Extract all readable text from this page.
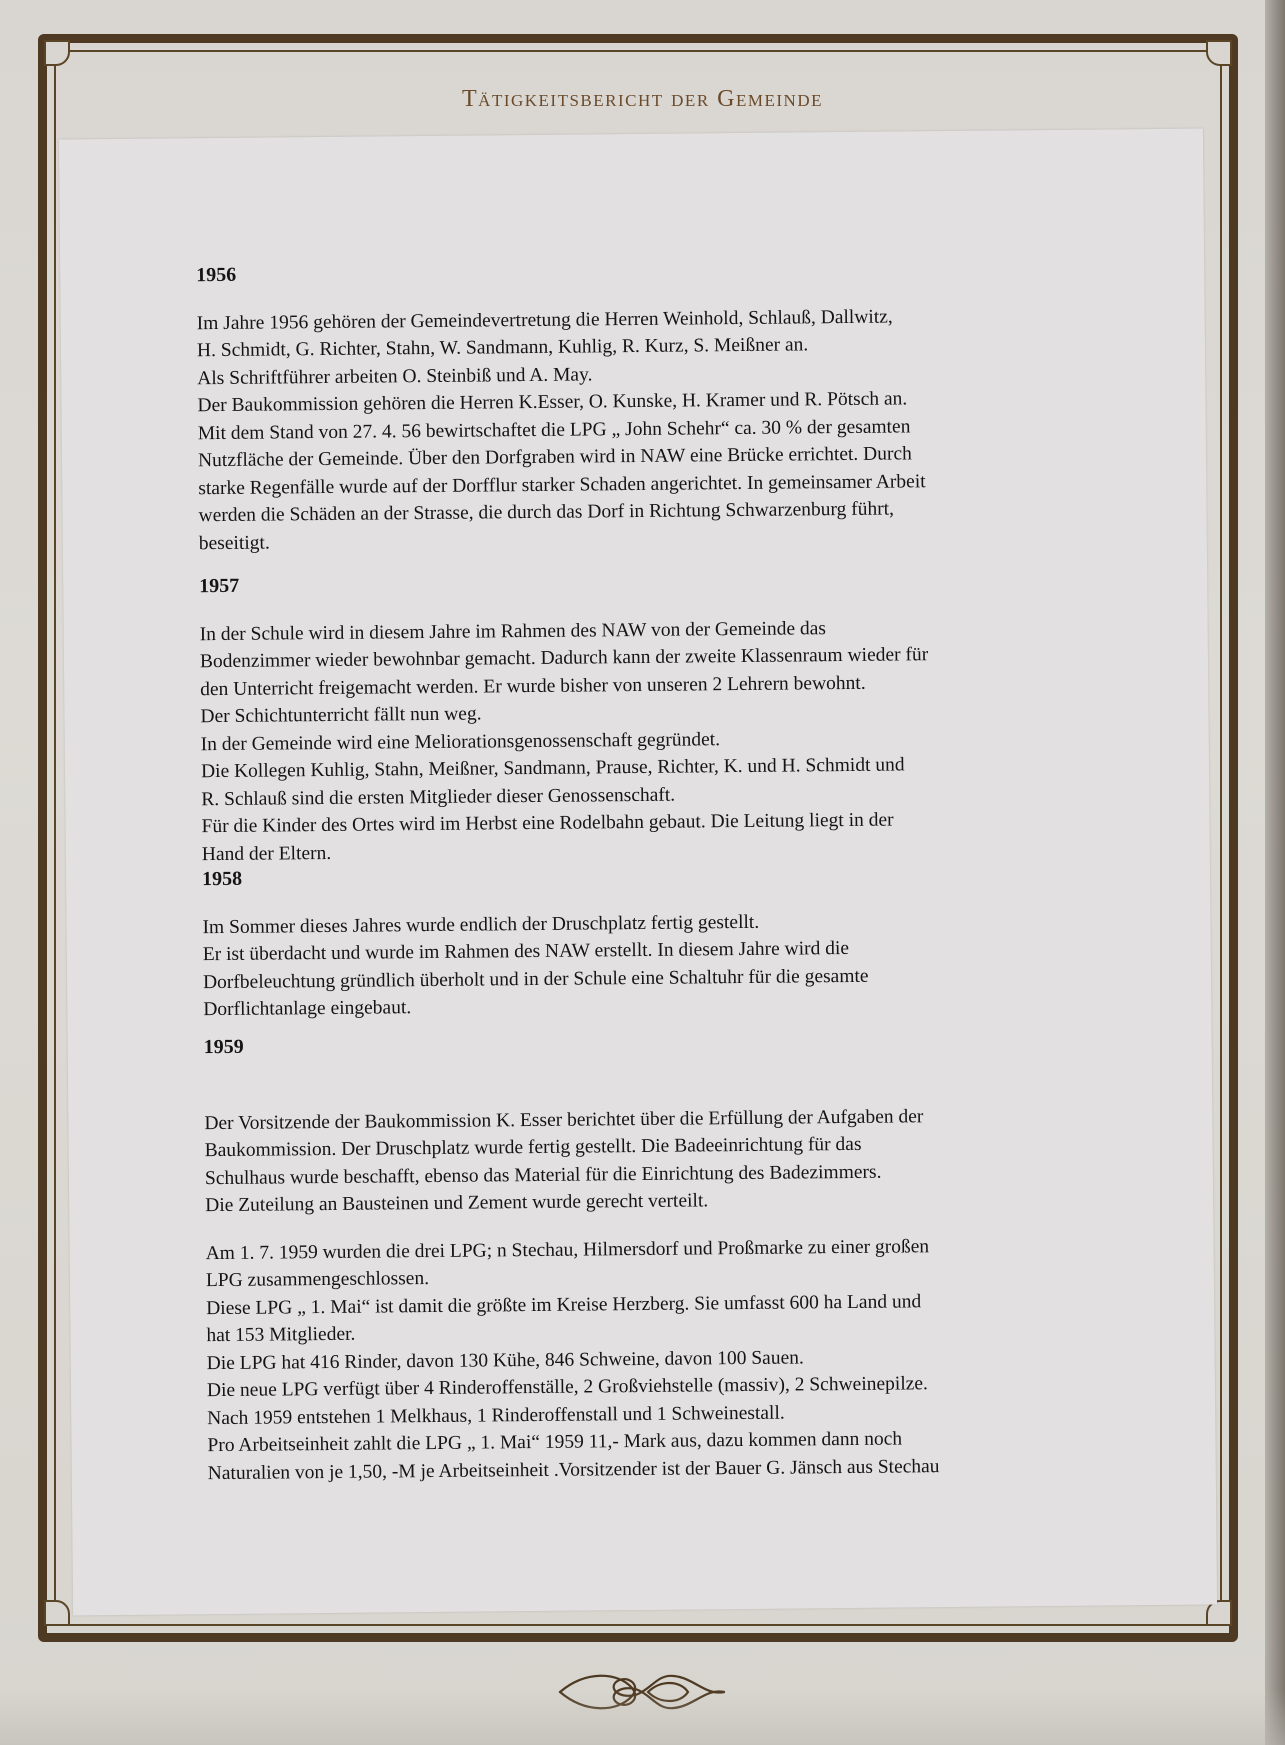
Tätigkeitsbericht der Gemeinde

1956

Im Jahre 1956 gehören der Gemeindevertretung die Herren Weinhold, Schlauß, Dallwitz,
H. Schmidt, G. Richter, Stahn, W. Sandmann, Kuhlig, R. Kurz, S. Meißner an.
Als Schriftführer arbeiten O. Steinbiß und A. May.
Der Baukommission gehören die Herren K.Esser, O. Kunske, H. Kramer und R. Pötsch an.
Mit dem Stand von 27. 4. 56 bewirtschaftet die LPG „ John Schehr“ ca. 30 % der gesamten
Nutzfläche der Gemeinde. Über den Dorfgraben wird in NAW eine Brücke errichtet. Durch
starke Regenfälle wurde auf der Dorfflur starker Schaden angerichtet. In gemeinsamer Arbeit
werden die Schäden an der Strasse, die durch das Dorf in Richtung Schwarzenburg führt,
beseitigt.

1957

In der Schule wird in diesem Jahre im Rahmen des NAW von der Gemeinde das
Bodenzimmer wieder bewohnbar gemacht. Dadurch kann der zweite Klassenraum wieder für
den Unterricht freigemacht werden. Er wurde bisher von unseren 2 Lehrern bewohnt.
Der Schichtunterricht fällt nun weg.
In der Gemeinde wird eine Meliorationsgenossenschaft gegründet.
Die Kollegen Kuhlig, Stahn, Meißner, Sandmann, Prause, Richter, K. und H. Schmidt und
R. Schlauß sind die ersten Mitglieder dieser Genossenschaft.
Für die Kinder des Ortes wird im Herbst eine Rodelbahn gebaut. Die Leitung liegt in der
Hand der Eltern.

1958

Im Sommer dieses Jahres wurde endlich der Druschplatz fertig gestellt.
Er ist überdacht und wurde im Rahmen des NAW erstellt. In diesem Jahre wird die
Dorfbeleuchtung gründlich überholt und in der Schule eine Schaltuhr für die gesamte
Dorflichtanlage eingebaut.

1959

Der Vorsitzende der Baukommission K. Esser berichtet über die Erfüllung der Aufgaben der
Baukommission. Der Druschplatz wurde fertig gestellt. Die Badeeinrichtung für das
Schulhaus wurde beschafft, ebenso das Material für die Einrichtung des Badezimmers.
Die Zuteilung an Bausteinen und Zement wurde gerecht verteilt.

Am 1. 7. 1959 wurden die drei LPG; n Stechau, Hilmersdorf und Proßmarke zu einer großen
LPG zusammengeschlossen.
Diese LPG „ 1. Mai“ ist damit die größte im Kreise Herzberg. Sie umfasst 600 ha Land und
hat 153 Mitglieder.
Die LPG hat 416 Rinder, davon 130 Kühe, 846 Schweine, davon 100 Sauen.
Die neue LPG verfügt über 4 Rinderoffenställe, 2 Großviehstelle (massiv), 2 Schweinepilze.
Nach 1959 entstehen 1 Melkhaus, 1 Rinderoffenstall und 1 Schweinestall.
Pro Arbeitseinheit zahlt die LPG „ 1. Mai“ 1959 11,- Mark aus, dazu kommen dann noch
Naturalien von je 1,50, -M je Arbeitseinheit .Vorsitzender ist der Bauer G. Jänsch aus Stechau
